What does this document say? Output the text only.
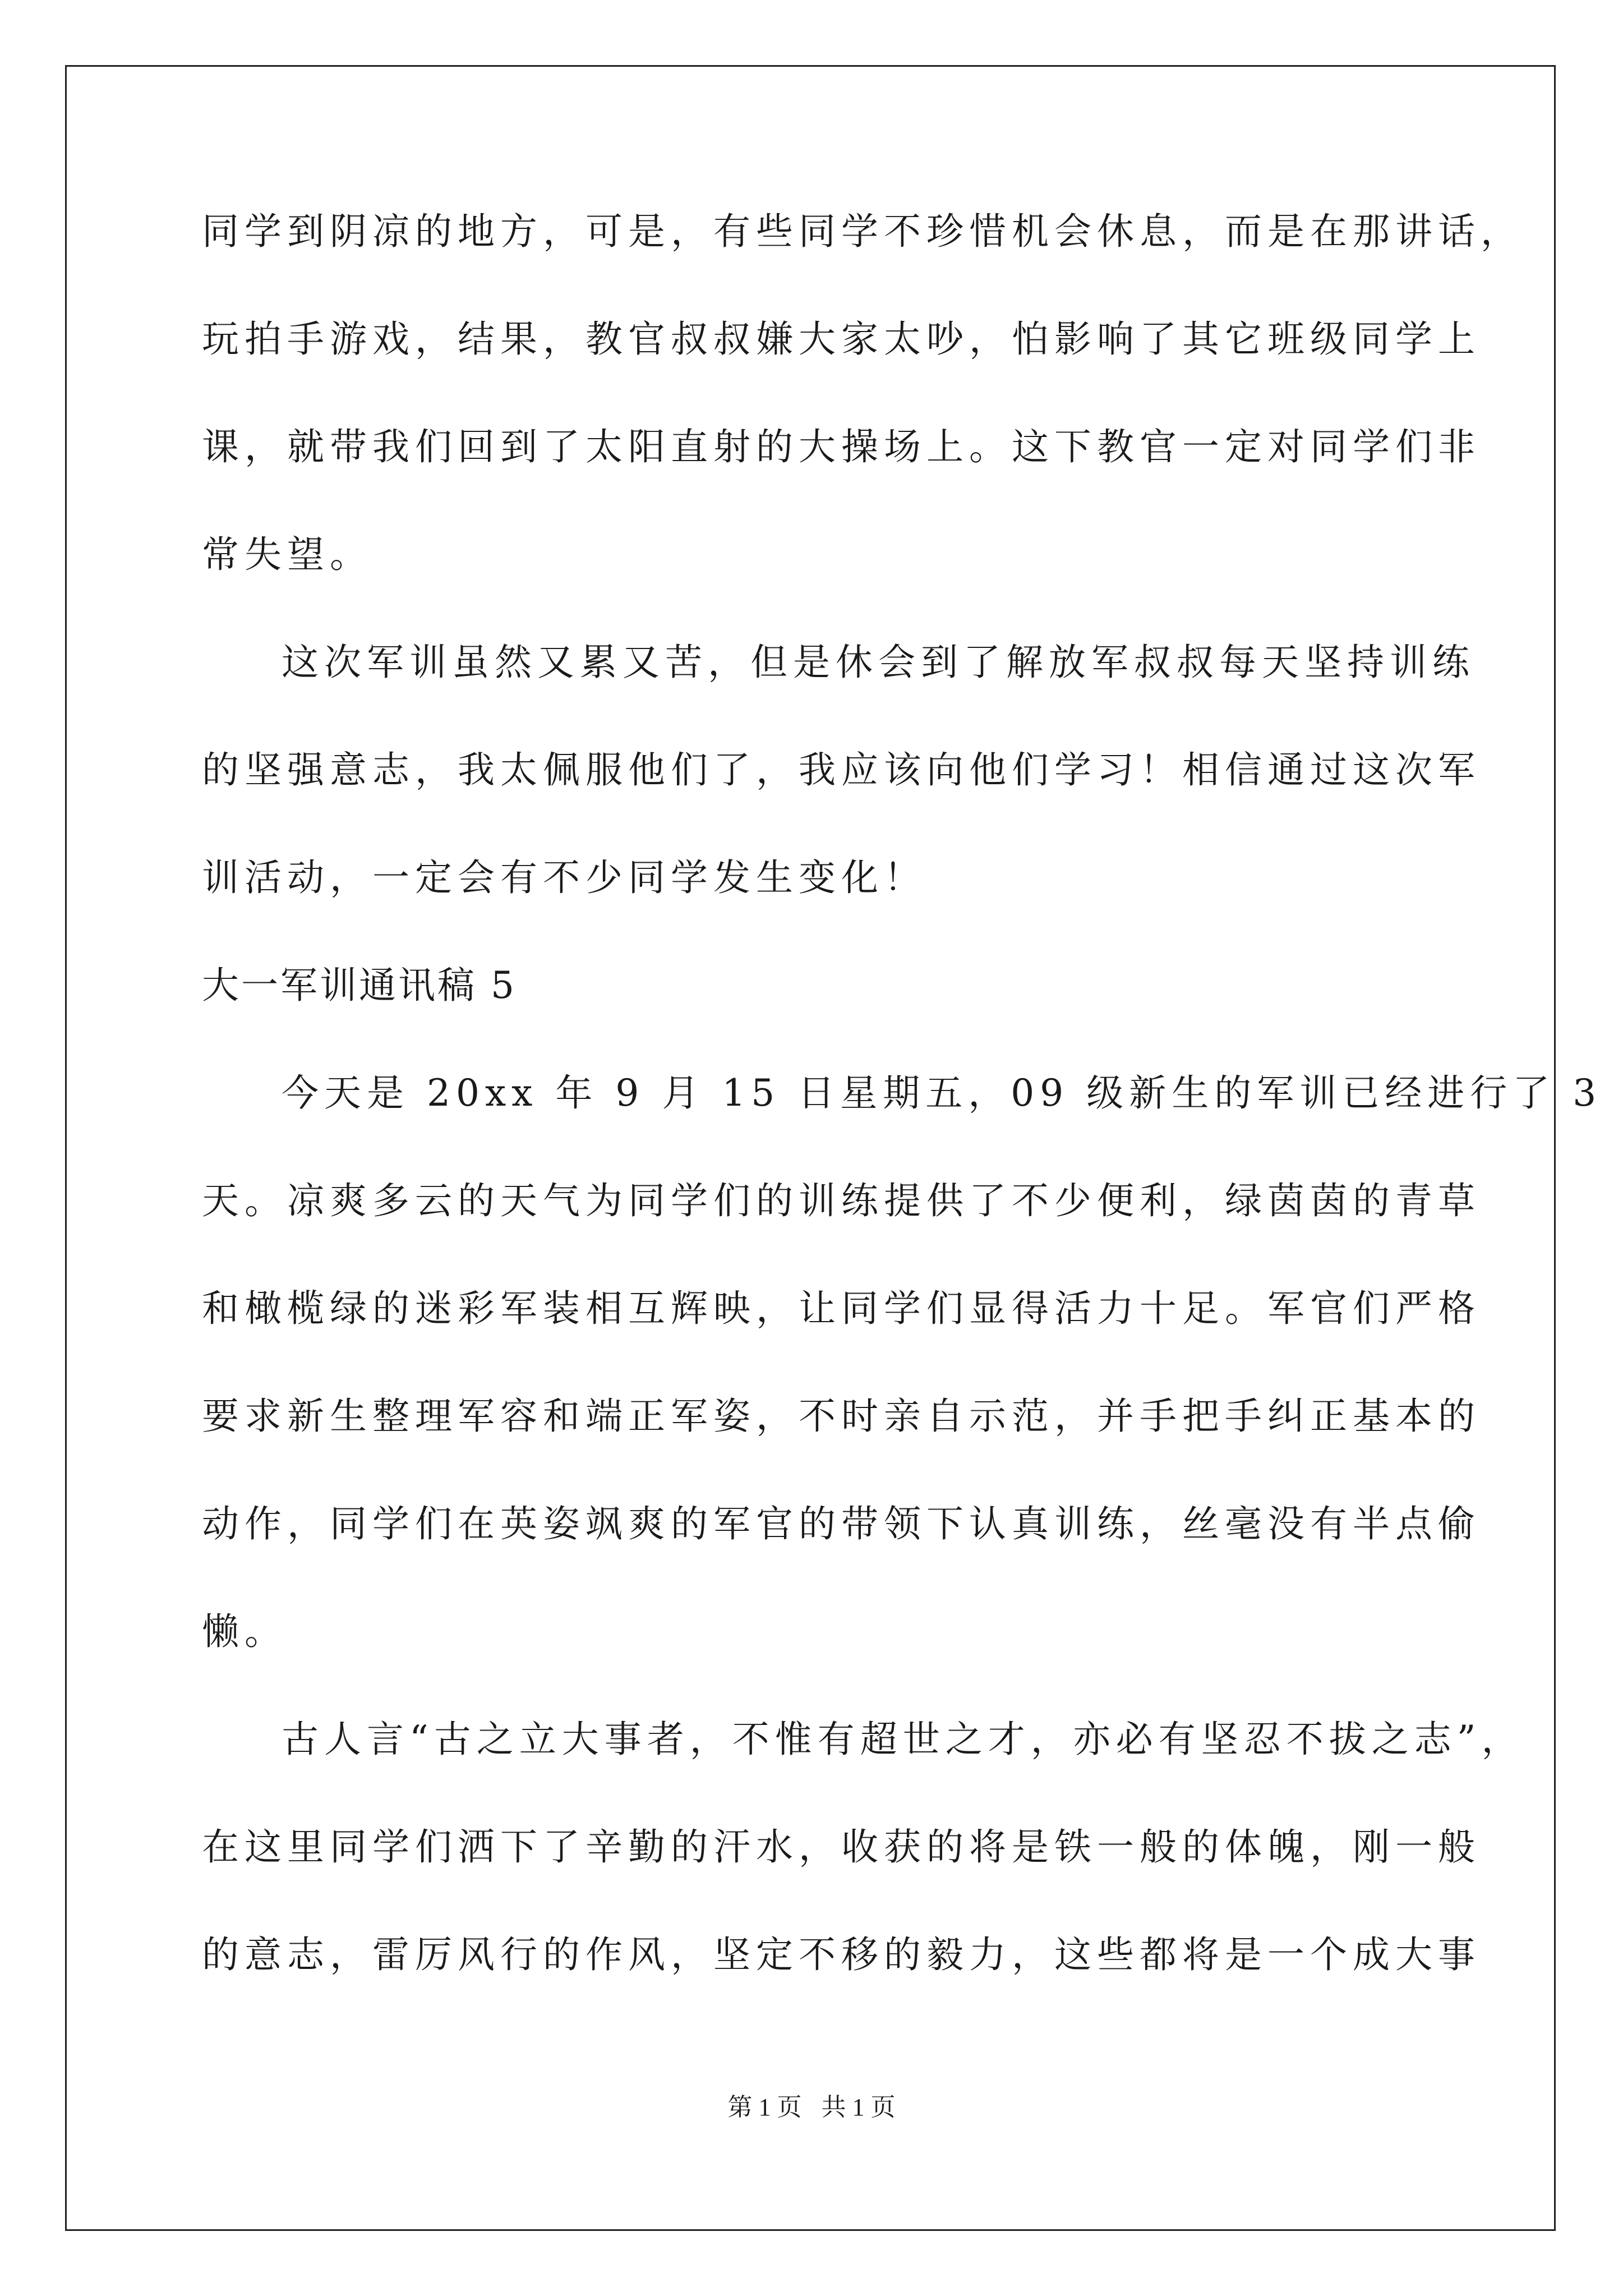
同学到阴凉的地方，可是，有些同学不珍惜机会休息，而是在那讲话，
玩拍手游戏，结果，教官叔叔嫌大家太吵，怕影响了其它班级同学上
课，就带我们回到了太阳直射的大操场上。这下教官一定对同学们非
常失望。
这次军训虽然又累又苦，但是休会到了解放军叔叔每天坚持训练
的坚强意志，我太佩服他们了，我应该向他们学习！相信通过这次军
训活动，一定会有不少同学发生变化！
大一军训通讯稿 5
今天是 20xx 年 9 月 15 日星期五，09 级新生的军训已经进行了 3
天。凉爽多云的天气为同学们的训练提供了不少便利，绿茵茵的青草
和橄榄绿的迷彩军装相互辉映，让同学们显得活力十足。军官们严格
要求新生整理军容和端正军姿，不时亲自示范，并手把手纠正基本的
动作，同学们在英姿飒爽的军官的带领下认真训练，丝毫没有半点偷
懒。
古人言“古之立大事者，不惟有超世之才，亦必有坚忍不拔之志”，
在这里同学们洒下了辛勤的汗水，收获的将是铁一般的体魄，刚一般
的意志，雷厉风行的作风，坚定不移的毅力，这些都将是一个成大事
第 1 页 共 1 页
